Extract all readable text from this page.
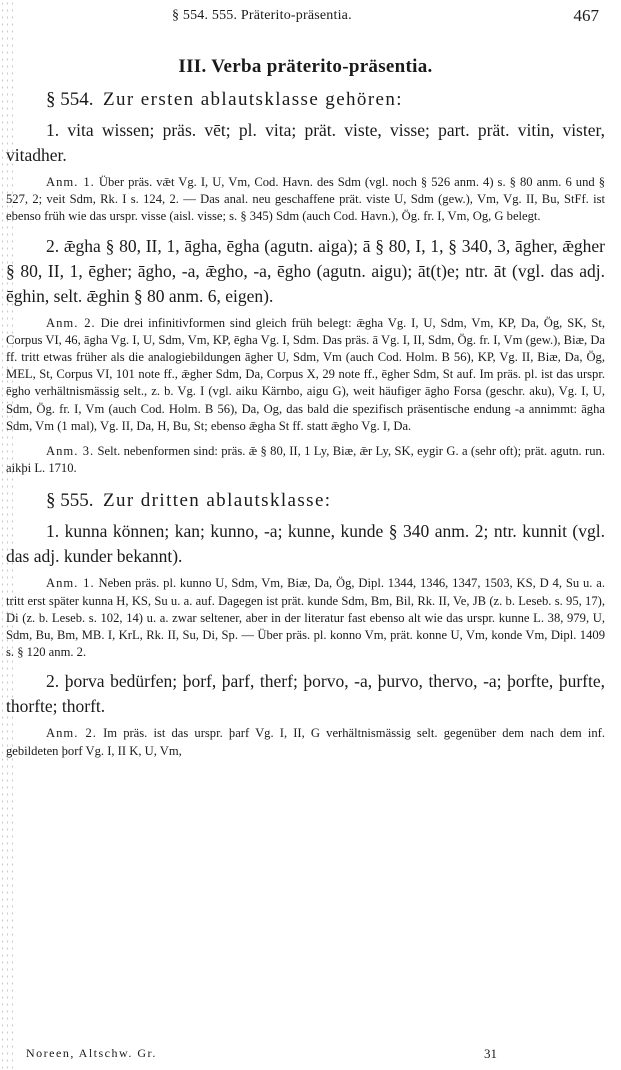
§ 554. 555. Präterito-präsentia.	467
III. Verba präterito-präsentia.
§ 554. Zur ersten ablautsklasse gehören:

1. vita wissen; präs. vēt; pl. vita; prät. viste, visse; part. prät. vitin, vister, vitadher.

Anm. 1. Über präs. vǣt Vg. I, U, Vm, Cod. Havn. des Sdm (vgl. noch § 526 anm. 4) s. § 80 anm. 6 und § 527, 2; veit Sdm, Rk. I s. 124, 2. — Das anal. neu geschaffene prät. viste U, Sdm (gew.), Vm, Vg. II, Bu, StFf. ist ebenso früh wie das urspr. visse (aisl. visse; s. § 345) Sdm (auch Cod. Havn.), Ög. fr. I, Vm, Og, G belegt.

2. ǣgha § 80, II, 1, āgha, ēgha (agutn. aiga); ā § 80, I, 1, § 340, 3, āgher, ǣgher § 80, II, 1, ēgher; āgho, -a, ǣgho, -a, ēgho (agutn. aigu); āt(t)e; ntr. āt (vgl. das adj. ēghin, selt. ǣghin § 80 anm. 6, eigen).

Anm. 2. Die drei infinitivformen sind gleich früh belegt: ǣgha Vg. I, U, Sdm, Vm, KP, Da, Ög, SK, St, Corpus VI, 46, āgha Vg. I, U, Sdm, Vm, KP, ēgha Vg. I, Sdm. Das präs. ā Vg. I, II, Sdm, Ög. fr. I, Vm (gew.), Biæ, Da ff. tritt etwas früher als die analogiebildungen āgher U, Sdm, Vm (auch Cod. Holm. B 56), KP, Vg. II, Biæ, Da, Ög, MEL, St, Corpus VI, 101 note ff., ǣgher Sdm, Da, Corpus X, 29 note ff., ēgher Sdm, St auf. Im präs. pl. ist das urspr. ēgho verhältnismässig selt., z. b. Vg. I (vgl. aiku Kärnbo, aigu G), weit häufiger āgho Forsa (geschr. aku), Vg. I, U, Sdm, Ög. fr. I, Vm (auch Cod. Holm. B 56), Da, Og, das bald die spezifisch präsentische endung -a annimmt: āgha Sdm, Vm (1 mal), Vg. II, Da, H, Bu, St; ebenso ǣgha St ff. statt ǣgho Vg. I, Da.

Anm. 3. Selt. nebenformen sind: präs. ǣ § 80, II, 1 Ly, Biæ, ǣr Ly, SK, eygir G. a (sehr oft); prät. agutn. run. aikþi L. 1710.

§ 555. Zur dritten ablautsklasse:

1. kunna können; kan; kunno, -a; kunne, kunde § 340 anm. 2; ntr. kunnit (vgl. das adj. kunder bekannt).

Anm. 1. Neben präs. pl. kunno U, Sdm, Vm, Biæ, Da, Ög, Dipl. 1344, 1346, 1347, 1503, KS, D 4, Su u. a. tritt erst später kunna H, KS, Su u. a. auf. Dagegen ist prät. kunde Sdm, Bm, Bil, Rk. II, Ve, JB (z. b. Leseb. s. 95, 17), Di (z. b. Leseb. s. 102, 14) u. a. zwar seltener, aber in der literatur fast ebenso alt wie das urspr. kunne L. 38, 979, U, Sdm, Bu, Bm, MB. I, KrL, Rk. II, Su, Di, Sp. — Über präs. pl. konno Vm, prät. konne U, Vm, konde Vm, Dipl. 1409 s. § 120 anm. 2.

2. þorva bedürfen; þorf, þarf, therf; þorvo, -a, þurvo, thervo, -a; þorfte, þurfte, thorfte; thorft.

Anm. 2. Im präs. ist das urspr. þarf Vg. I, II, G verhältnismässig selt. gegenüber dem nach dem inf. gebildeten þorf Vg. I, II K, U, Vm,

Noreen, Altschw. Gr.	31
